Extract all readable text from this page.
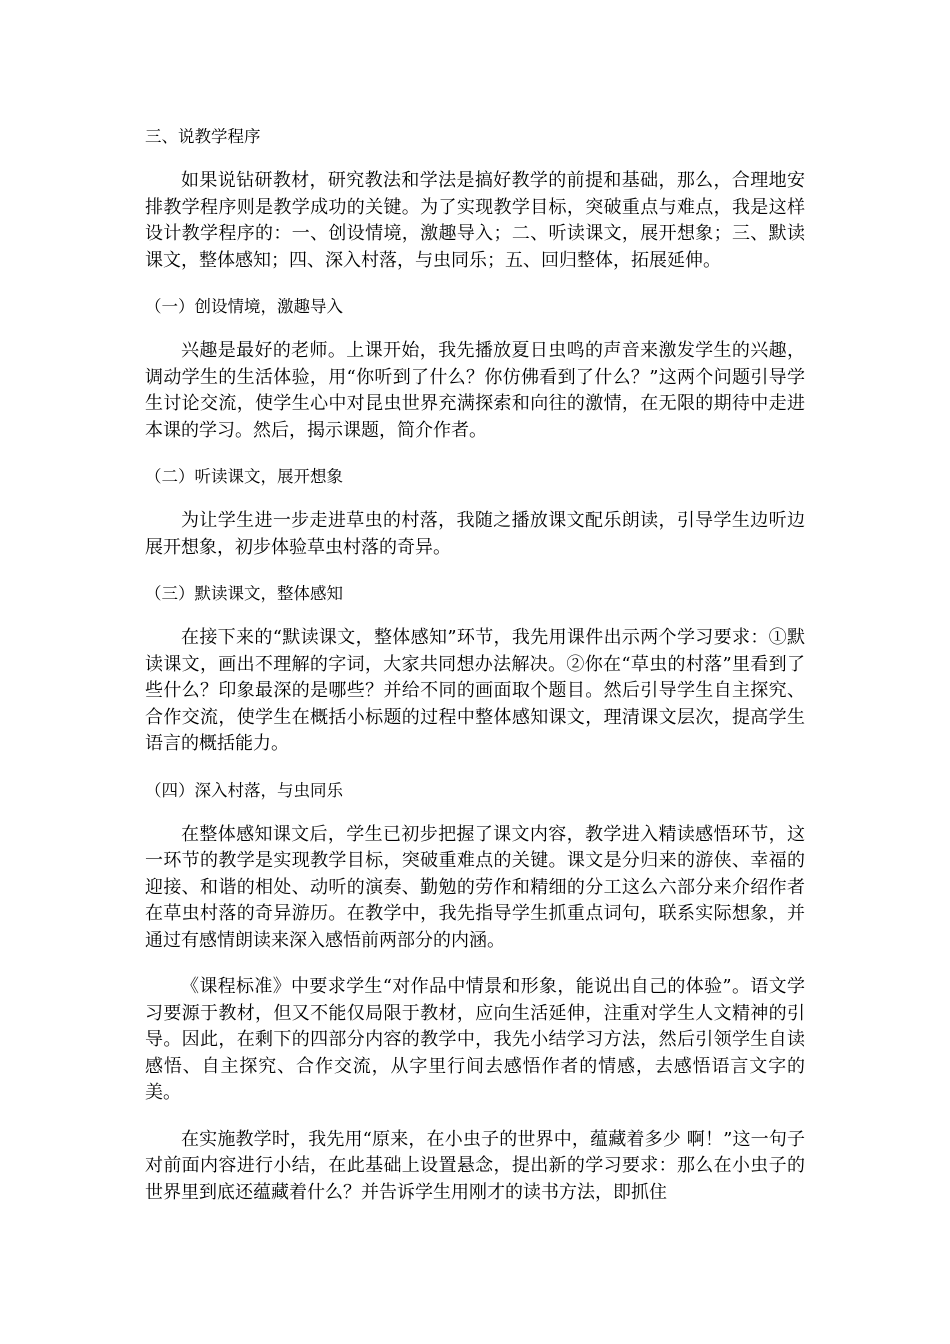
三、说教学程序

如果说钻研教材，研究教法和学法是搞好教学的前提和基础，那么，合理地安排教学程序则是教学成功的关键。为了实现教学目标，突破重点与难点，我是这样设计教学程序的：一、创设情境，激趣导入；二、听读课文，展开想象；三、默读课文，整体感知；四、深入村落，与虫同乐；五、回归整体，拓展延伸。

（一）创设情境，激趣导入

兴趣是最好的老师。上课开始，我先播放夏日虫鸣的声音来激发学生的兴趣，调动学生的生活体验，用“你听到了什么？你仿佛看到了什么？”这两个问题引导学生讨论交流，使学生心中对昆虫世界充满探索和向往的激情，在无限的期待中走进本课的学习。然后，揭示课题，简介作者。

（二）听读课文，展开想象

为让学生进一步走进草虫的村落，我随之播放课文配乐朗读，引导学生边听边展开想象，初步体验草虫村落的奇异。

（三）默读课文，整体感知

在接下来的“默读课文，整体感知”环节，我先用课件出示两个学习要求：①默读课文，画出不理解的字词，大家共同想办法解决。②你在“草虫的村落”里看到了些什么？印象最深的是哪些？并给不同的画面取个题目。然后引导学生自主探究、合作交流，使学生在概括小标题的过程中整体感知课文，理清课文层次，提高学生语言的概括能力。

（四）深入村落，与虫同乐

在整体感知课文后，学生已初步把握了课文内容，教学进入精读感悟环节，这一环节的教学是实现教学目标，突破重难点的关键。课文是分归来的游侠、幸福的迎接、和谐的相处、动听的演奏、勤勉的劳作和精细的分工这么六部分来介绍作者在草虫村落的奇异游历。在教学中，我先指导学生抓重点词句，联系实际想象，并通过有感情朗读来深入感悟前两部分的内涵。

《课程标准》中要求学生“对作品中情景和形象，能说出自己的体验”。语文学习要源于教材，但又不能仅局限于教材，应向生活延伸，注重对学生人文精神的引导。因此，在剩下的四部分内容的教学中，我先小结学习方法，然后引领学生自读感悟、自主探究、合作交流，从字里行间去感悟作者的情感，去感悟语言文字的美。

在实施教学时，我先用“原来，在小虫子的世界中，蕴藏着多少 啊！”这一句子对前面内容进行小结，在此基础上设置悬念，提出新的学习要求：那么在小虫子的世界里到底还蕴藏着什么？并告诉学生用刚才的读书方法，即抓住
